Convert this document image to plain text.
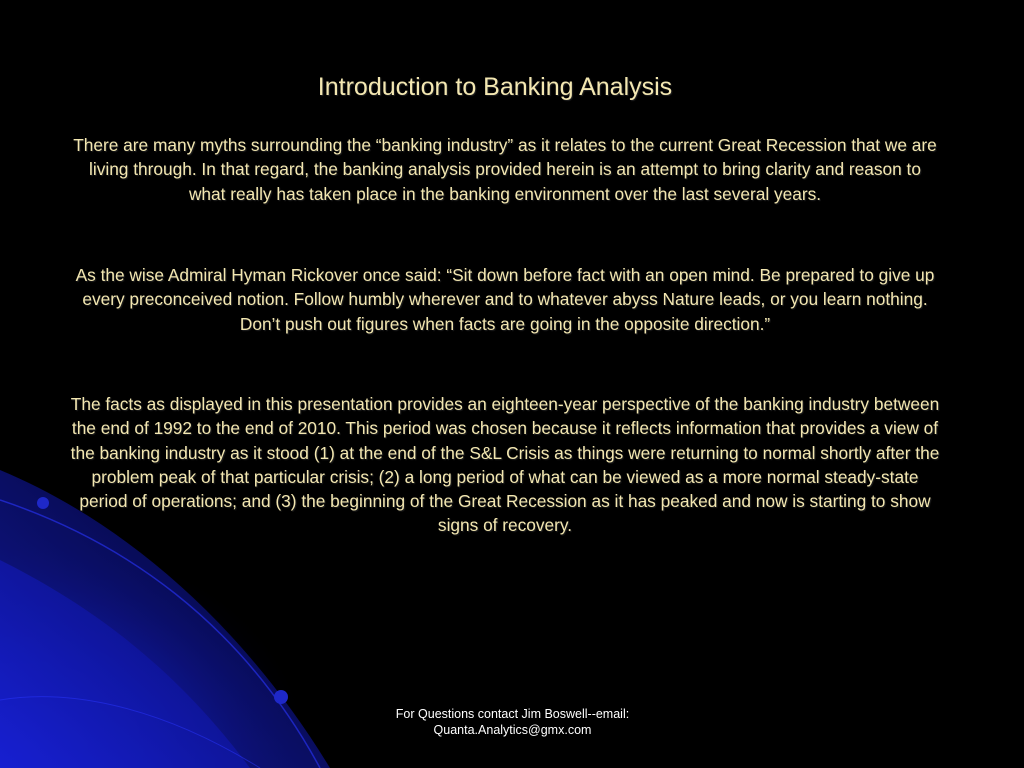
Introduction to Banking Analysis

There are many myths surrounding the “banking industry” as it relates to the current Great Recession that we are living through. In that regard, the banking analysis provided herein is an attempt to bring clarity and reason to what really has taken place in the banking environment over the last several years.

As the wise Admiral Hyman Rickover once said: “Sit down before fact with an open mind. Be prepared to give up every preconceived notion. Follow humbly wherever and to whatever abyss Nature leads, or you learn nothing. Don’t push out figures when facts are going in the opposite direction.”

The facts as displayed in this presentation provides an eighteen-year perspective of the banking industry between the end of 1992 to the end of 2010. This period was chosen because it reflects information that provides a view of the banking industry as it stood (1) at the end of the S&L Crisis as things were returning to normal shortly after the problem peak of that particular crisis; (2) a long period of what can be viewed as a more normal steady-state period of operations; and (3) the beginning of the Great Recession as it has peaked and now is starting to show signs of recovery.

For Questions contact Jim Boswell--email:
Quanta.Analytics@gmx.com
